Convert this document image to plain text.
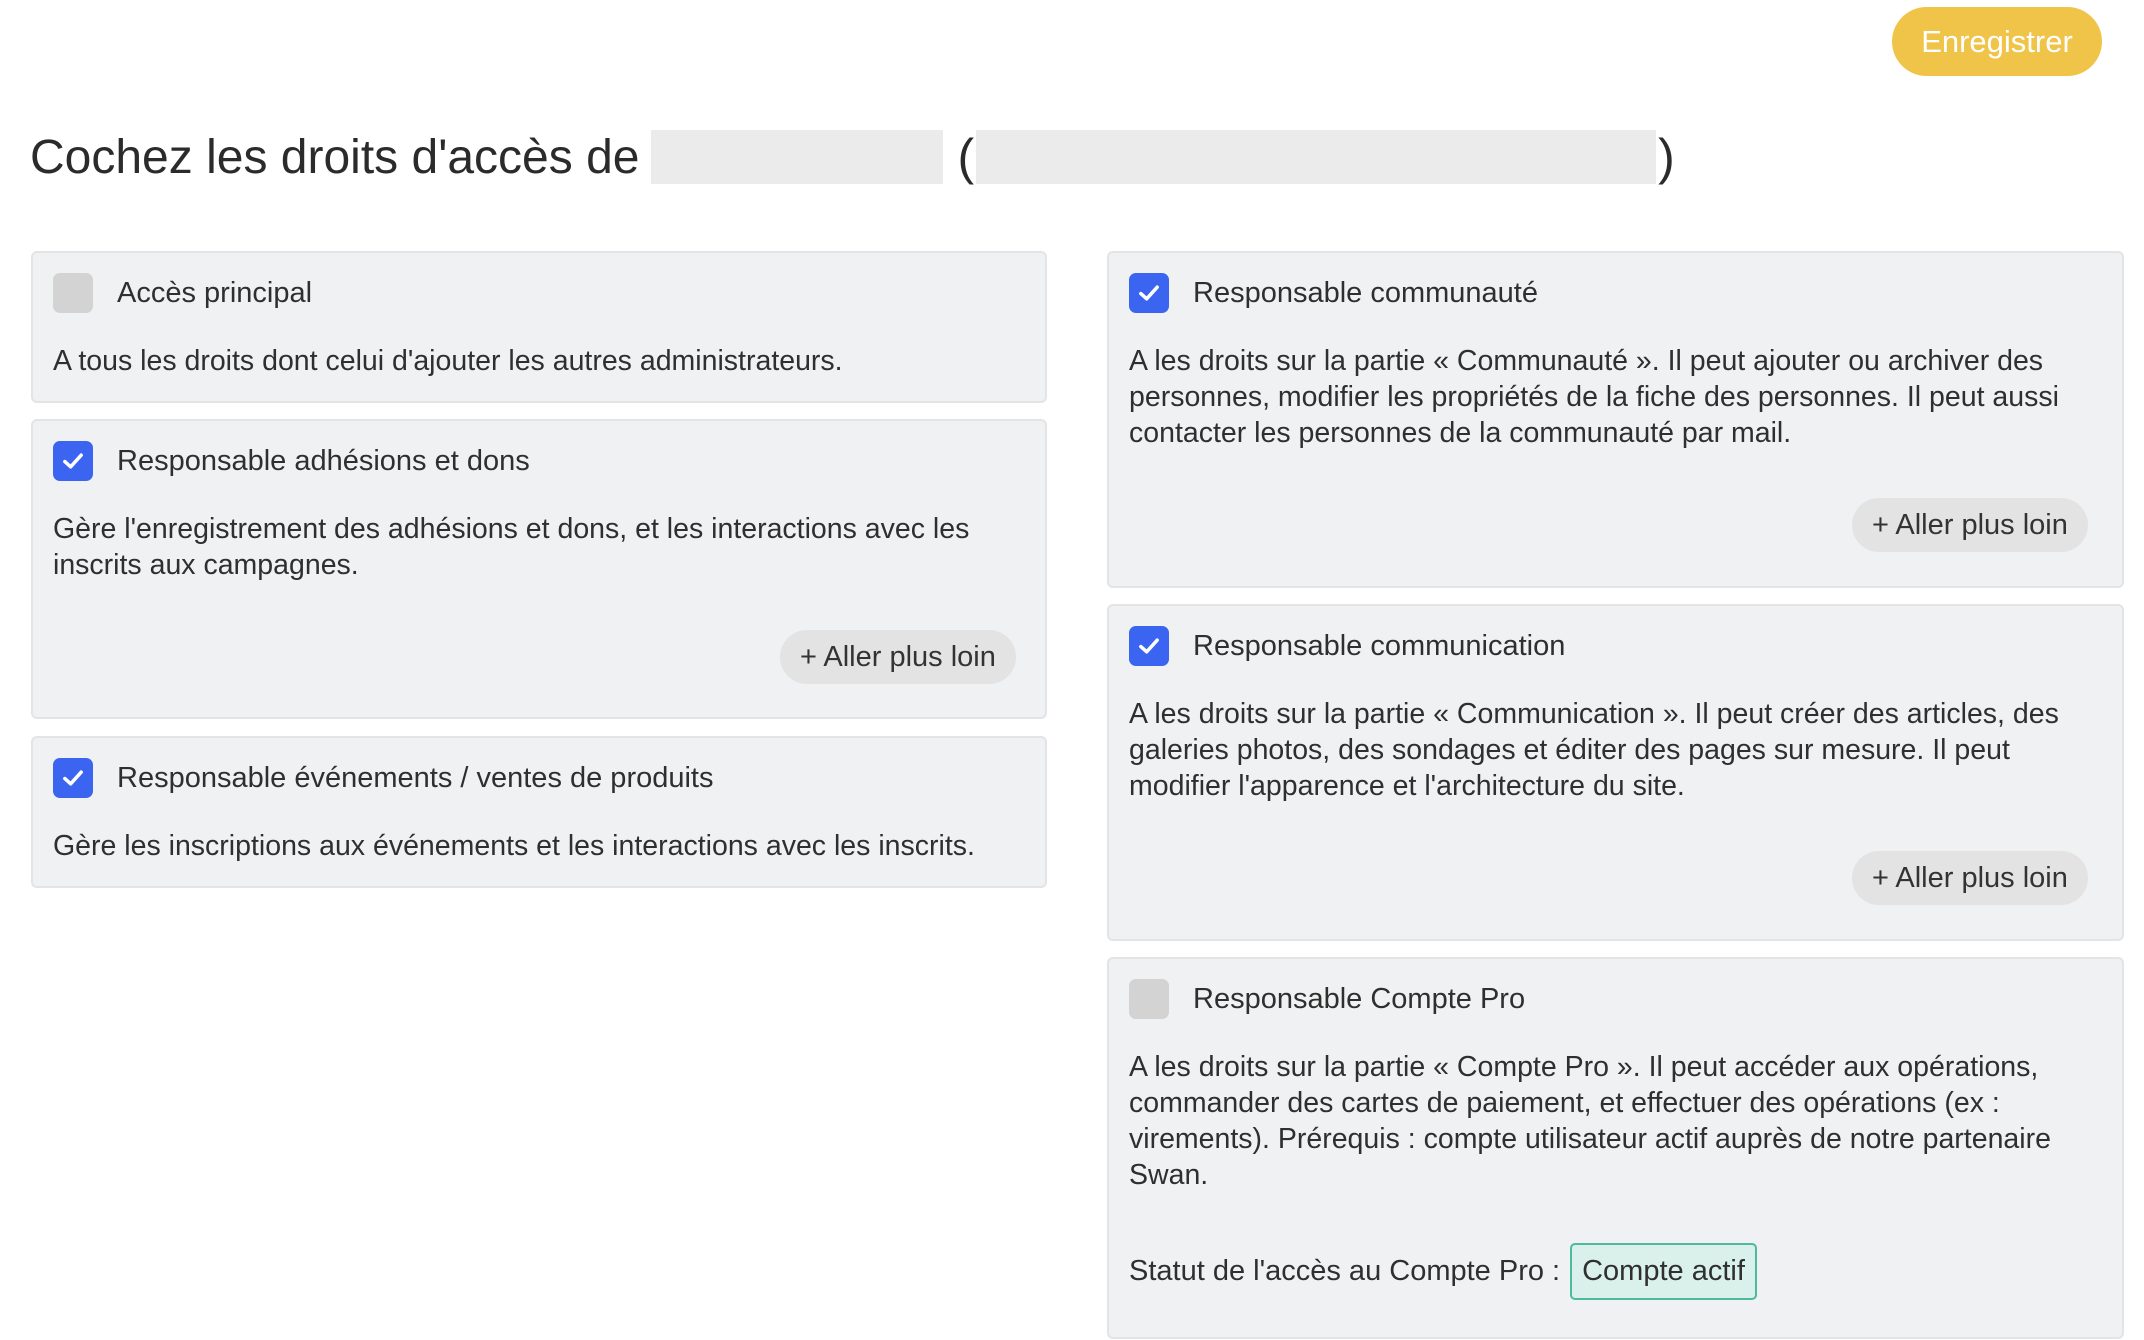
Enregistrer
Cochez les droits d'accès de	(	)
Accès principal
A tous les droits dont celui d'ajouter les autres administrateurs.
Responsable adhésions et dons
Gère l'enregistrement des adhésions et dons, et les interactions avec les inscrits aux campagnes.
+ Aller plus loin
Responsable événements / ventes de produits
Gère les inscriptions aux événements et les interactions avec les inscrits.
Responsable communauté
A les droits sur la partie « Communauté ». Il peut ajouter ou archiver des personnes, modifier les propriétés de la fiche des personnes. Il peut aussi contacter les personnes de la communauté par mail.
+ Aller plus loin
Responsable communication
A les droits sur la partie « Communication ». Il peut créer des articles, des galeries photos, des sondages et éditer des pages sur mesure. Il peut modifier l'apparence et l'architecture du site.
+ Aller plus loin
Responsable Compte Pro
A les droits sur la partie « Compte Pro ». Il peut accéder aux opérations, commander des cartes de paiement, et effectuer des opérations (ex : virements). Prérequis : compte utilisateur actif auprès de notre partenaire Swan.
Statut de l'accès au Compte Pro : Compte actif
